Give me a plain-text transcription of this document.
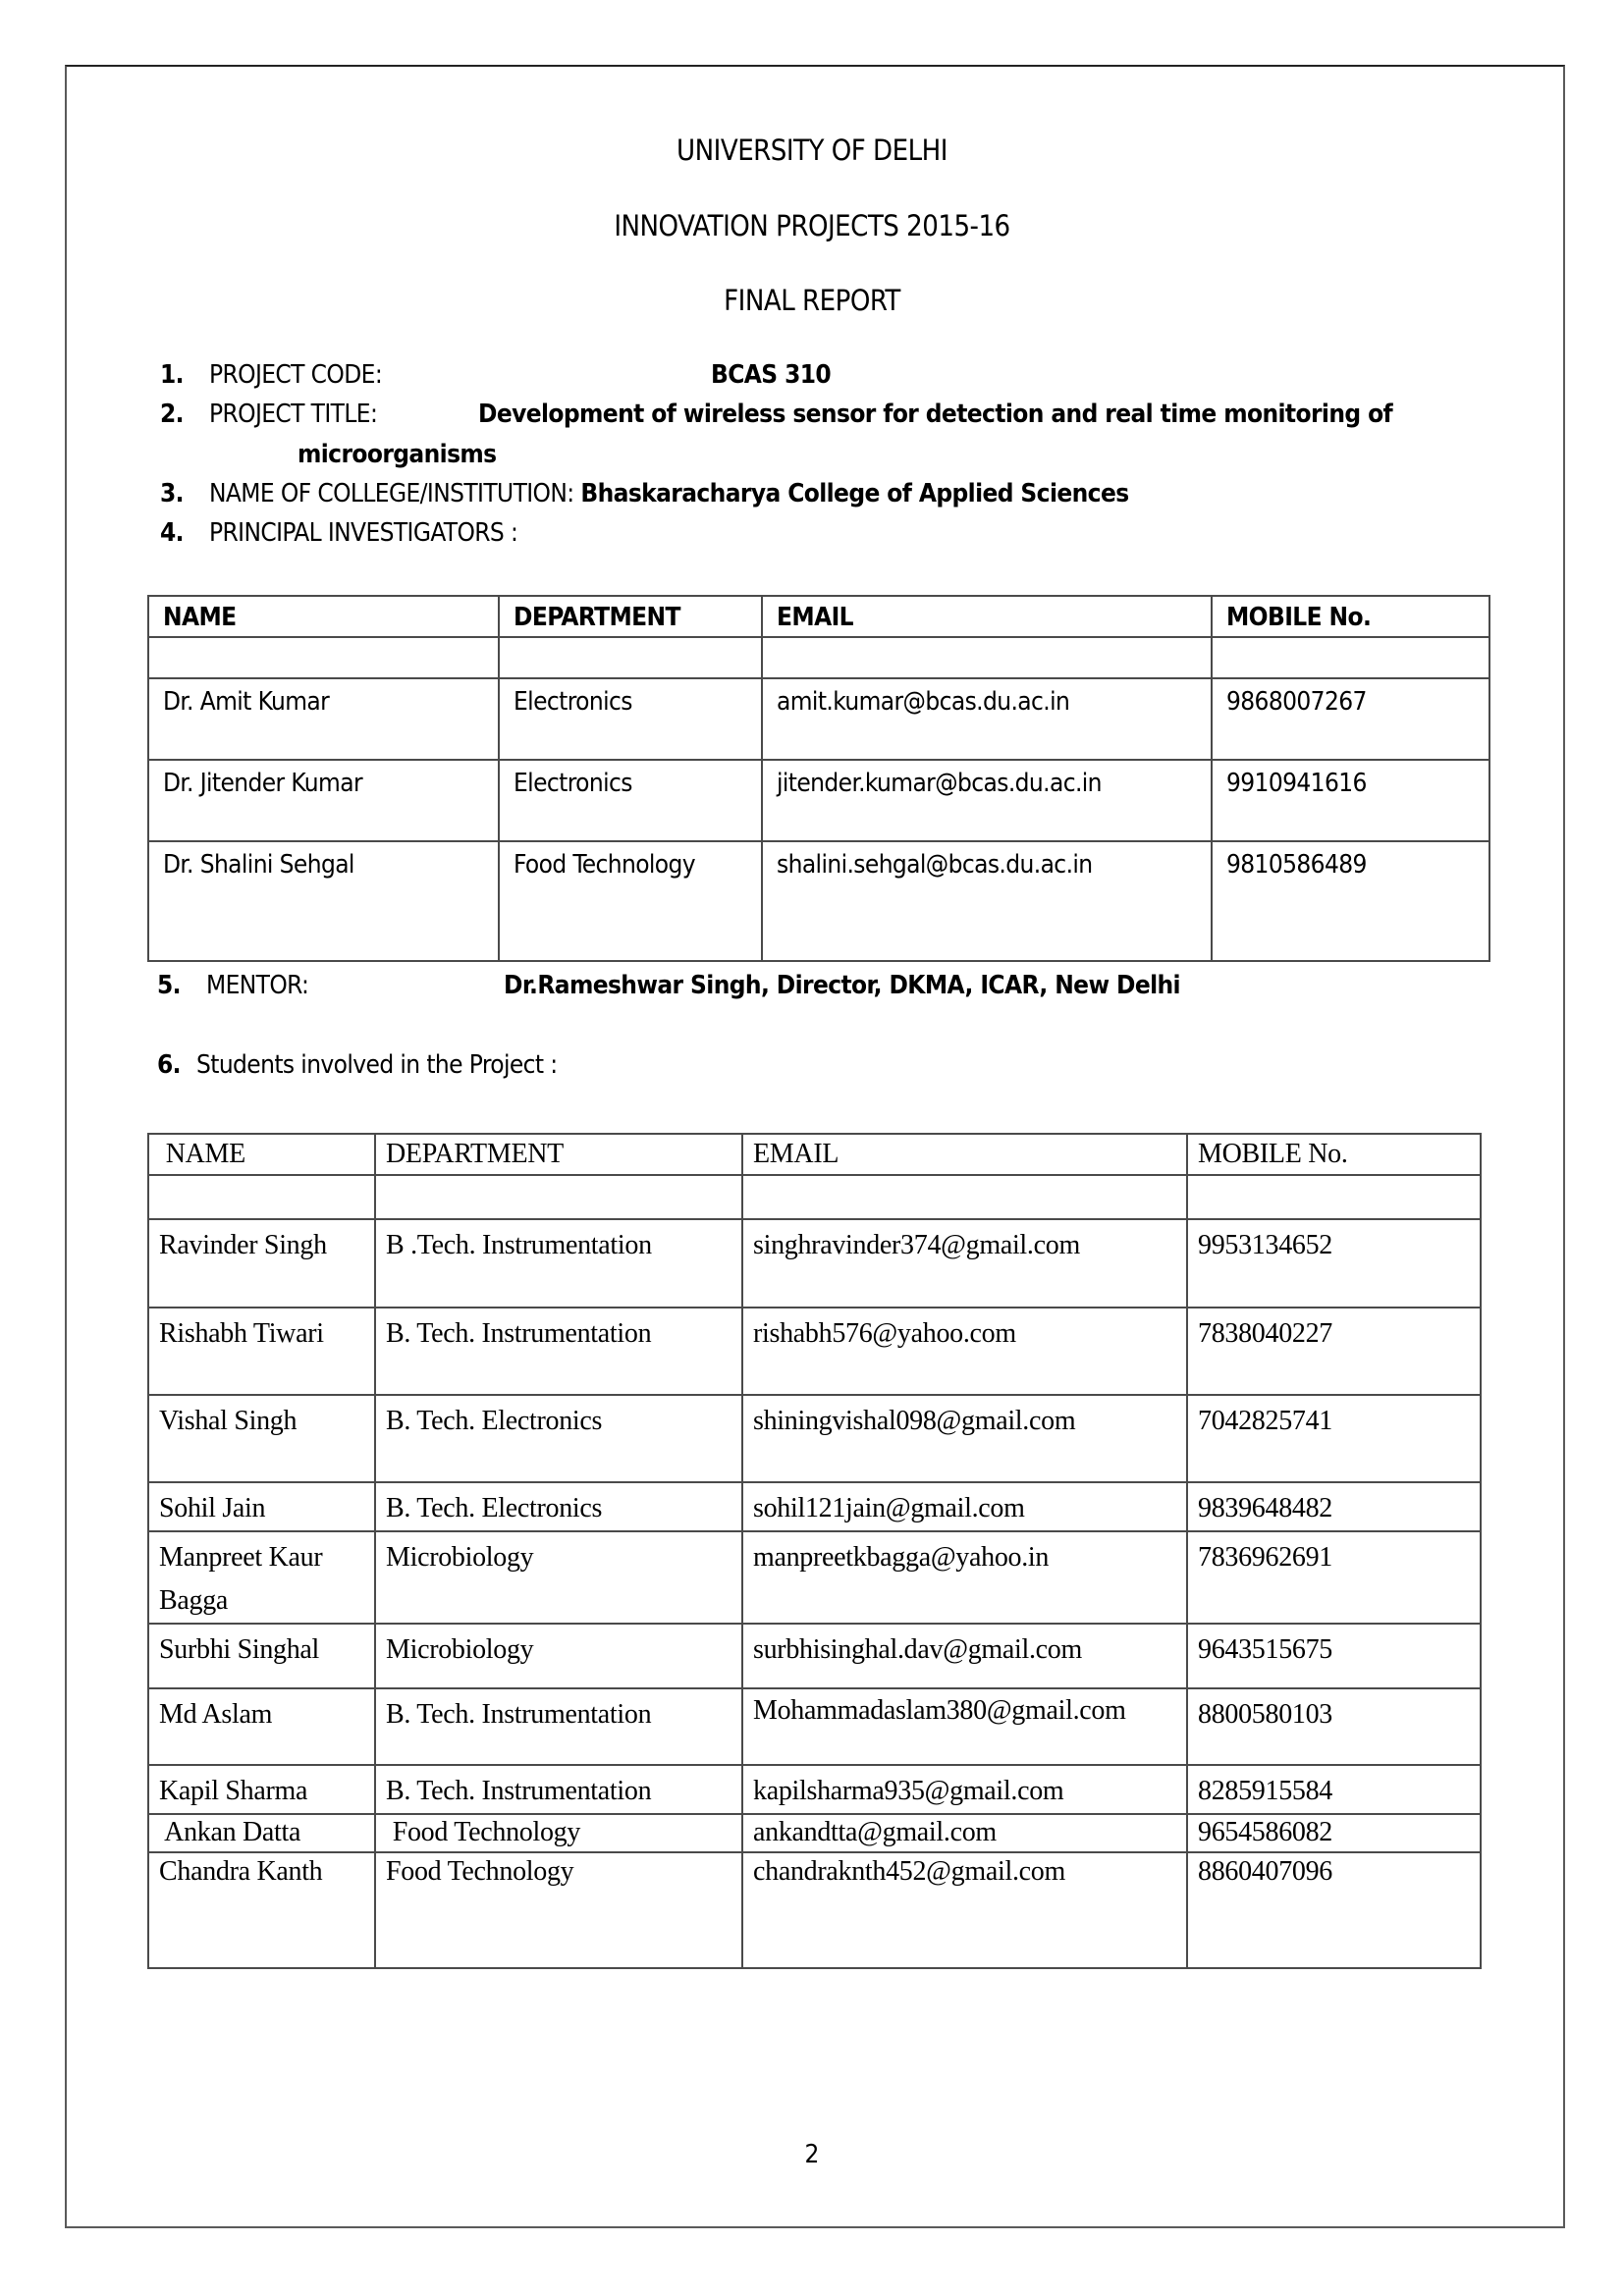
UNIVERSITY OF DELHI
INNOVATION PROJECTS 2015-16
FINAL REPORT
1. PROJECT CODE:	BCAS 310
2. PROJECT TITLE:	Development of wireless sensor for detection and real time monitoring of
microorganisms
3. NAME OF COLLEGE/INSTITUTION: Bhaskaracharya College of Applied Sciences
4. PRINCIPAL INVESTIGATORS :
NAME	DEPARTMENT	EMAIL	MOBILE No.

Dr. Amit Kumar	Electronics	amit.kumar@bcas.du.ac.in	9868007267
Dr. Jitender Kumar	Electronics	jitender.kumar@bcas.du.ac.in	9910941616
Dr. Shalini Sehgal	Food Technology	shalini.sehgal@bcas.du.ac.in	9810586489
5. MENTOR:	Dr.Rameshwar Singh, Director, DKMA, ICAR, New Delhi
6. Students involved in the Project :
NAME	DEPARTMENT	EMAIL	MOBILE No.

Ravinder Singh	B .Tech. Instrumentation	singhravinder374@gmail.com	9953134652
Rishabh Tiwari	B. Tech. Instrumentation	rishabh576@yahoo.com	7838040227
Vishal Singh	B. Tech. Electronics	shiningvishal098@gmail.com	7042825741
Sohil Jain	B. Tech. Electronics	sohil121jain@gmail.com	9839648482
Manpreet Kaur Bagga	Microbiology	manpreetkbagga@yahoo.in	7836962691
Surbhi Singhal	Microbiology	surbhisinghal.dav@gmail.com	9643515675
Md Aslam	B. Tech. Instrumentation	Mohammadaslam380@gmail.com	8800580103
Kapil Sharma	B. Tech. Instrumentation	kapilsharma935@gmail.com	8285915584
Ankan Datta	Food Technology	ankandtta@gmail.com	9654586082
Chandra Kanth	Food Technology	chandraknth452@gmail.com	8860407096
2
